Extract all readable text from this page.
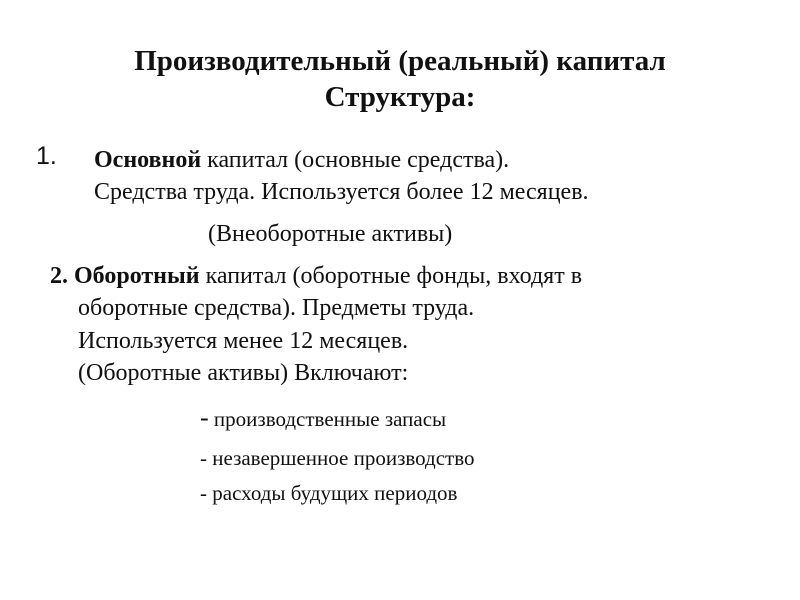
Производительный (реальный) капитал
Структура:
1. Основной капитал (основные средства).
Средства труда. Используется более 12 месяцев.
(Внеоборотные активы)
2. Оборотный капитал (оборотные фонды, входят в
оборотные средства). Предметы труда.
Используется менее 12 месяцев.
(Оборотные активы) Включают:
- производственные запасы
- незавершенное производство
- расходы будущих периодов
